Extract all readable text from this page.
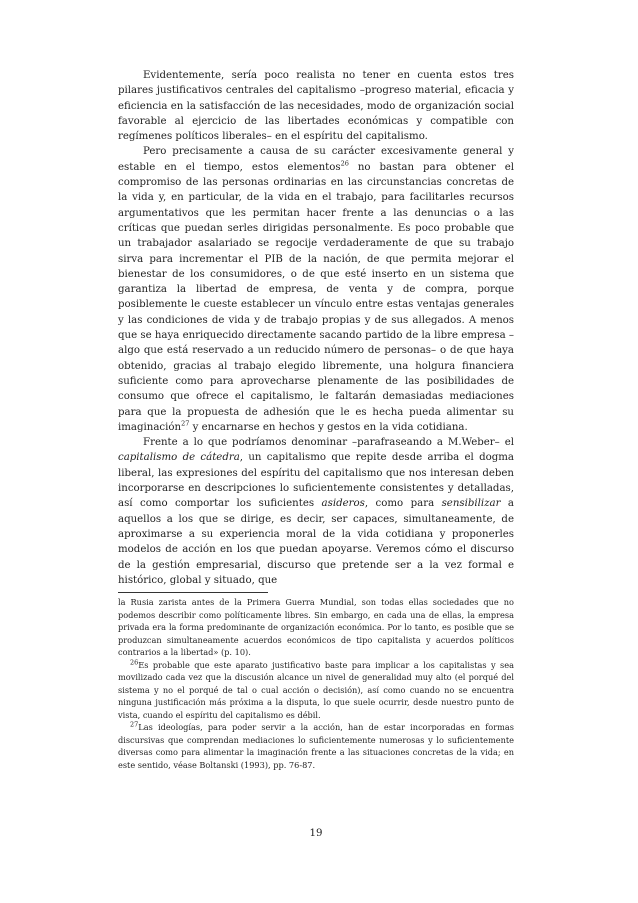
Evidentemente, sería poco realista no tener en cuenta estos tres pilares justificativos centrales del capitalismo –progreso material, eficacia y eficiencia en la satisfacción de las necesidades, modo de organización social favorable al ejercicio de las libertades económicas y compatible con regímenes políticos liberales– en el espíritu del capitalismo.

Pero precisamente a causa de su carácter excesivamente general y estable en el tiempo, estos elementos$^{26}$ no bastan para obtener el compromiso de las personas ordinarias en las circunstancias concretas de la vida y, en particular, de la vida en el trabajo, para facilitarles recursos argumentativos que les permitan hacer frente a las denuncias o a las críticas que puedan serles dirigidas personalmente. Es poco probable que un trabajador asalariado se regocije verdaderamente de que su trabajo sirva para incrementar el PIB de la nación, de que permita mejorar el bienestar de los consumidores, o de que esté inserto en un sistema que garantiza la libertad de empresa, de venta y de compra, porque posiblemente le cueste establecer un vínculo entre estas ventajas generales y las condiciones de vida y de trabajo propias y de sus allegados. A menos que se haya enriquecido directamente sacando partido de la libre empresa –algo que está reservado a un reducido número de personas– o de que haya obtenido, gracias al trabajo elegido libremente, una holgura financiera suficiente como para aprovecharse plenamente de las posibilidades de consumo que ofrece el capitalismo, le faltarán demasiadas mediaciones para que la propuesta de adhesión que le es hecha pueda alimentar su imaginación$^{27}$ y encarnarse en hechos y gestos en la vida cotidiana.

Frente a lo que podríamos denominar –parafraseando a M.Weber– el capitalismo de cátedra, un capitalismo que repite desde arriba el dogma liberal, las expresiones del espíritu del capitalismo que nos interesan deben incorporarse en descripciones lo suficientemente consistentes y detalladas, así como comportar los suficientes asideros, como para sensibilizar a aquellos a los que se dirige, es decir, ser capaces, simultaneamente, de aproximarse a su experiencia moral de la vida cotidiana y proponerles modelos de acción en los que puedan apoyarse. Veremos cómo el discurso de la gestión empresarial, discurso que pretende ser a la vez formal e histórico, global y situado, que

la Rusia zarista antes de la Primera Guerra Mundial, son todas ellas sociedades que no podemos describir como políticamente libres. Sin embargo, en cada una de ellas, la empresa privada era la forma predominante de organización económica. Por lo tanto, es posible que se produzcan simultaneamente acuerdos económicos de tipo capitalista y acuerdos políticos contrarios a la libertad» (p. 10).

$^{26}$Es probable que este aparato justificativo baste para implicar a los capitalistas y sea movilizado cada vez que la discusión alcance un nivel de generalidad muy alto (el porqué del sistema y no el porqué de tal o cual acción o decisión), así como cuando no se encuentra ninguna justificación más próxima a la disputa, lo que suele ocurrir, desde nuestro punto de vista, cuando el espíritu del capitalismo es débil.

$^{27}$Las ideologías, para poder servir a la acción, han de estar incorporadas en formas discursivas que comprendan mediaciones lo suficientemente numerosas y lo suficientemente diversas como para alimentar la imaginación frente a las situaciones concretas de la vida; en este sentido, véase Boltanski (1993), pp. 76-87.

19
